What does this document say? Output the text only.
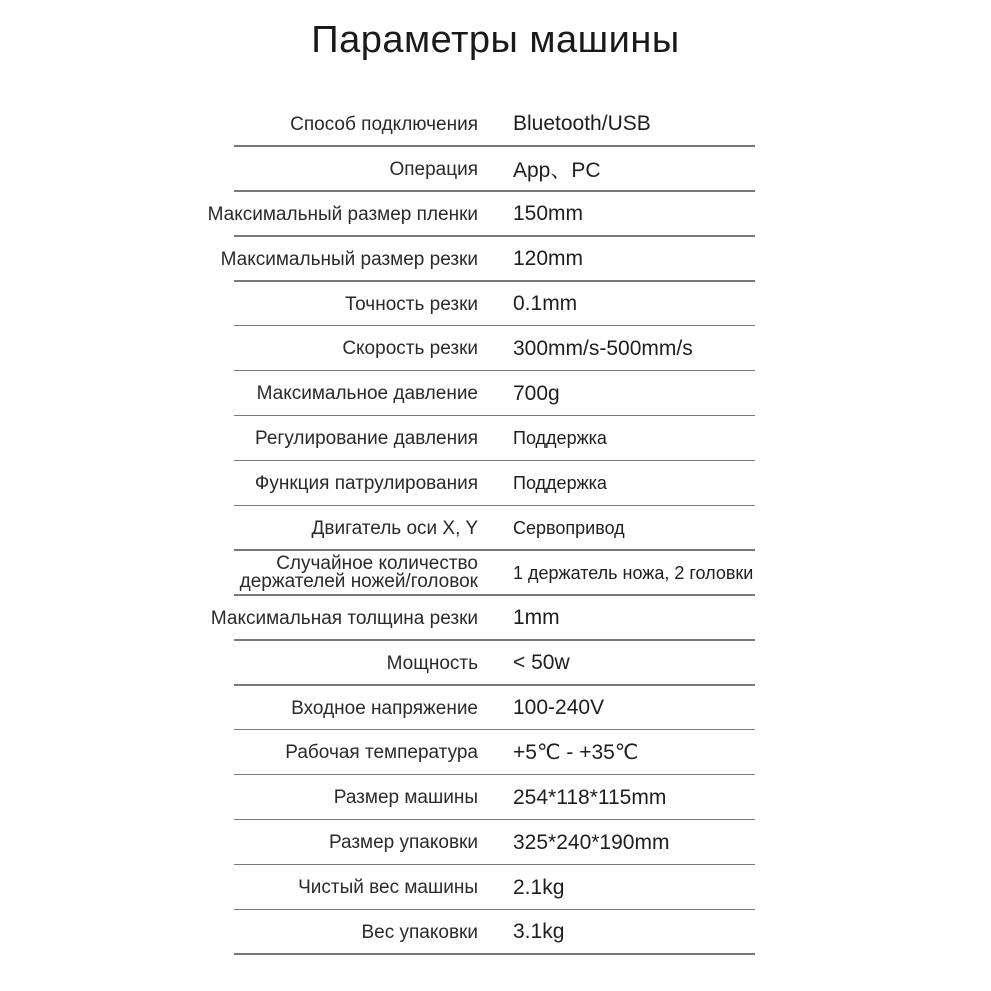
Параметры машины
Способ подключения Bluetooth/USB
Операция App、PC
Максимальный размер пленки 150mm
Максимальный размер резки 120mm
Точность резки 0.1mm
Скорость резки 300mm/s-500mm/s
Максимальное давление 700g
Регулирование давления Поддержка
Функция патрулирования Поддержка
Двигатель оси X, Y Сервопривод
Случайное количество
держателей ножей/головок 1 держатель ножа, 2 головки
Максимальная толщина резки 1mm
Мощность < 50w
Входное напряжение 100-240V
Рабочая температура +5℃ - +35℃
Размер машины 254*118*115mm
Размер упаковки 325*240*190mm
Чистый вес машины 2.1kg
Вес упаковки 3.1kg
